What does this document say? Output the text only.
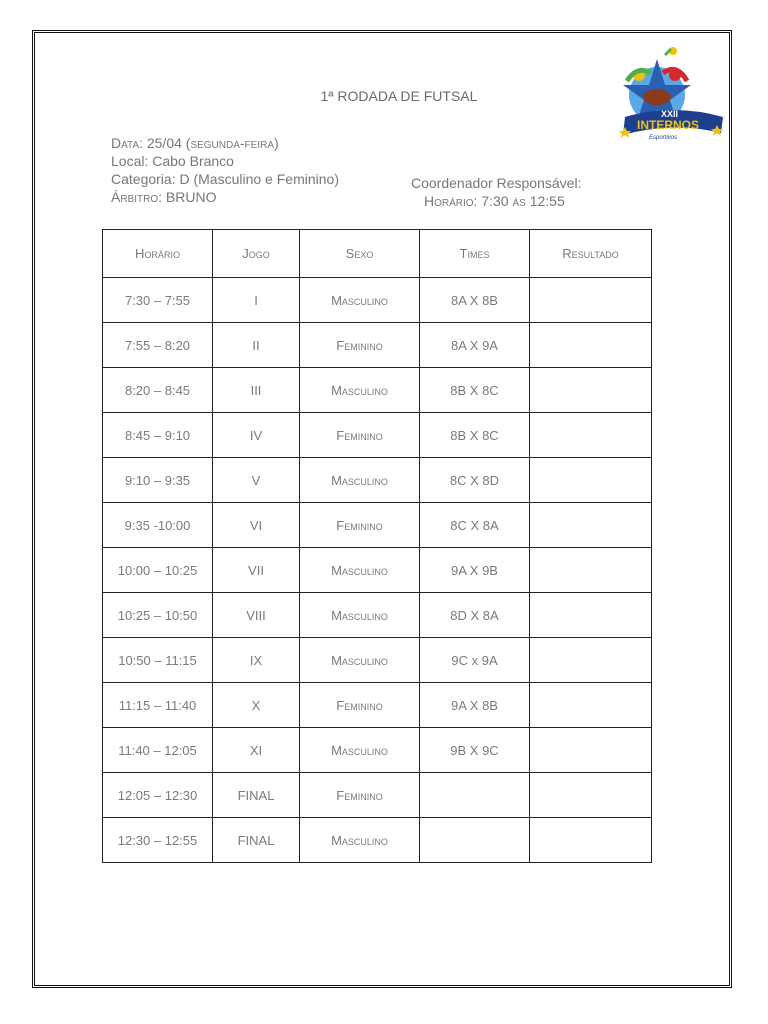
1ª RODADA DE FUTSAL
Data: 25/04 (segunda-feira)
Local: Cabo Branco
Categoria: D (Masculino e Feminino)
Árbitro: BRUNO
Coordenador Responsável:
Horário: 7:30 às 12:55
XXII
INTERNOS
Esportivos
Horário	Jogo	Sexo	Times	Resultado
7:30 – 7:55	I	Masculino	8A X 8B	
7:55 – 8:20	II	Feminino	8A X 9A	
8:20 – 8:45	III	Masculino	8B X 8C	
8:45 – 9:10	IV	Feminino	8B X 8C	
9:10 – 9:35	V	Masculino	8C X 8D	
9:35 -10:00	VI	Feminino	8C X 8A	
10:00 – 10:25	VII	Masculino	9A X 9B	
10:25 – 10:50	VIII	Masculino	8D X 8A	
10:50 – 11:15	IX	Masculino	9C x 9A	
11:15 – 11:40	X	Feminino	9A X 8B	
11:40 – 12:05	XI	Masculino	9B X 9C	
12:05 – 12:30	FINAL	Feminino		
12:30 – 12:55	FINAL	Masculino		
